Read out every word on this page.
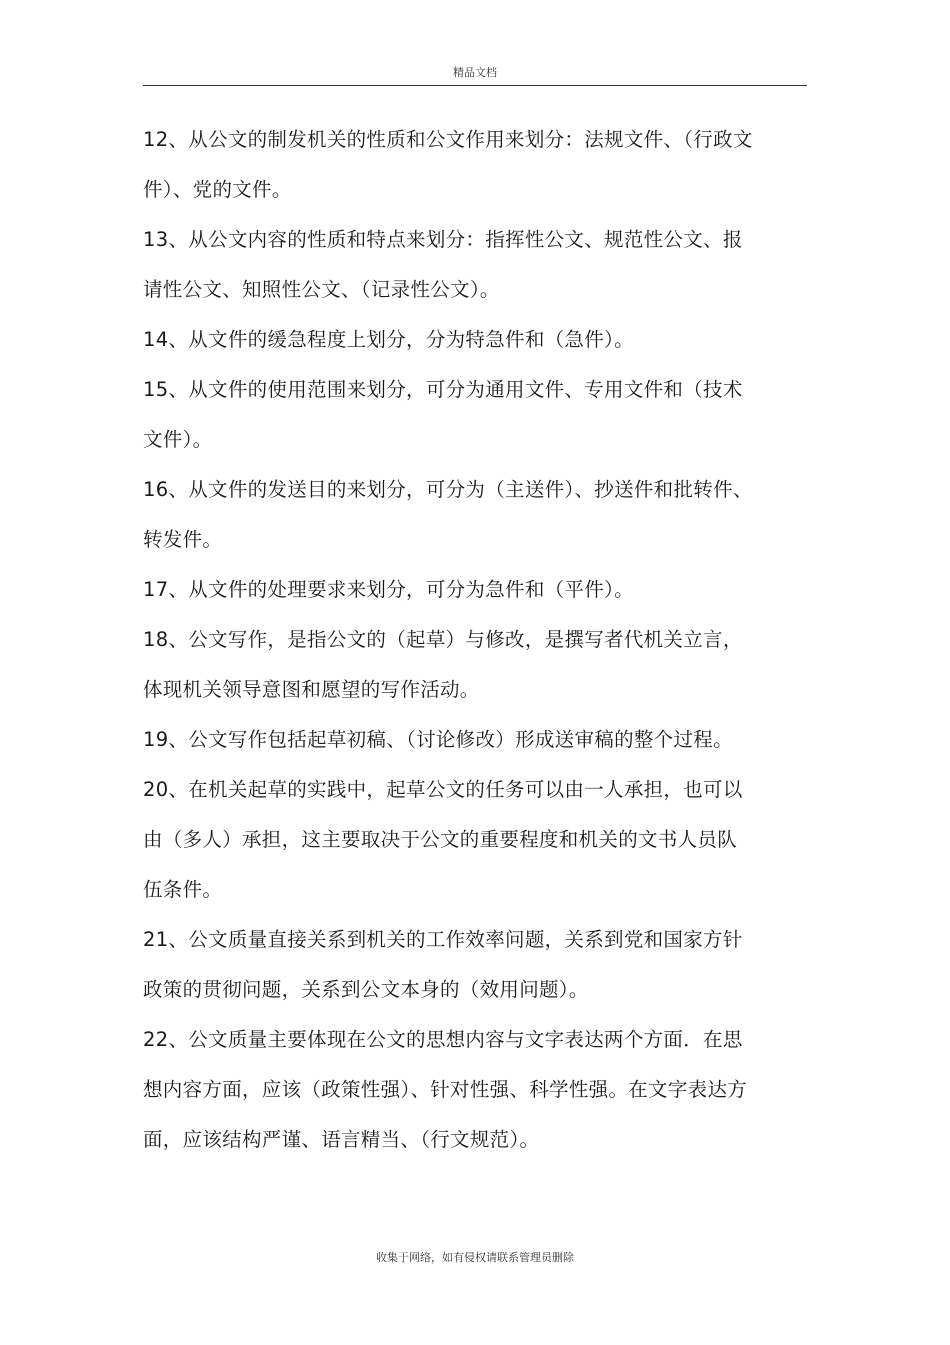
精品文档
12、从公文的制发机关的性质和公文作用来划分：法规文件、（行政文件）、党的文件。
13、从公文内容的性质和特点来划分：指挥性公文、规范性公文、报请性公文、知照性公文、（记录性公文）。
14、从文件的缓急程度上划分，分为特急件和（急件）。
15、从文件的使用范围来划分，可分为通用文件、专用文件和（技术文件）。
16、从文件的发送目的来划分，可分为（主送件）、抄送件和批转件、转发件。
17、从文件的处理要求来划分，可分为急件和（平件）。
18、公文写作，是指公文的（起草）与修改，是撰写者代机关立言，体现机关领导意图和愿望的写作活动。
19、公文写作包括起草初稿、（讨论修改）形成送审稿的整个过程。
20、在机关起草的实践中，起草公文的任务可以由一人承担，也可以由（多人）承担，这主要取决于公文的重要程度和机关的文书人员队伍条件。
21、公文质量直接关系到机关的工作效率问题，关系到党和国家方针政策的贯彻问题，关系到公文本身的（效用问题）。
22、公文质量主要体现在公文的思想内容与文字表达两个方面．在思想内容方面，应该（政策性强）、针对性强、科学性强。在文字表达方面，应该结构严谨、语言精当、（行文规范）。
收集于网络，如有侵权请联系管理员删除
